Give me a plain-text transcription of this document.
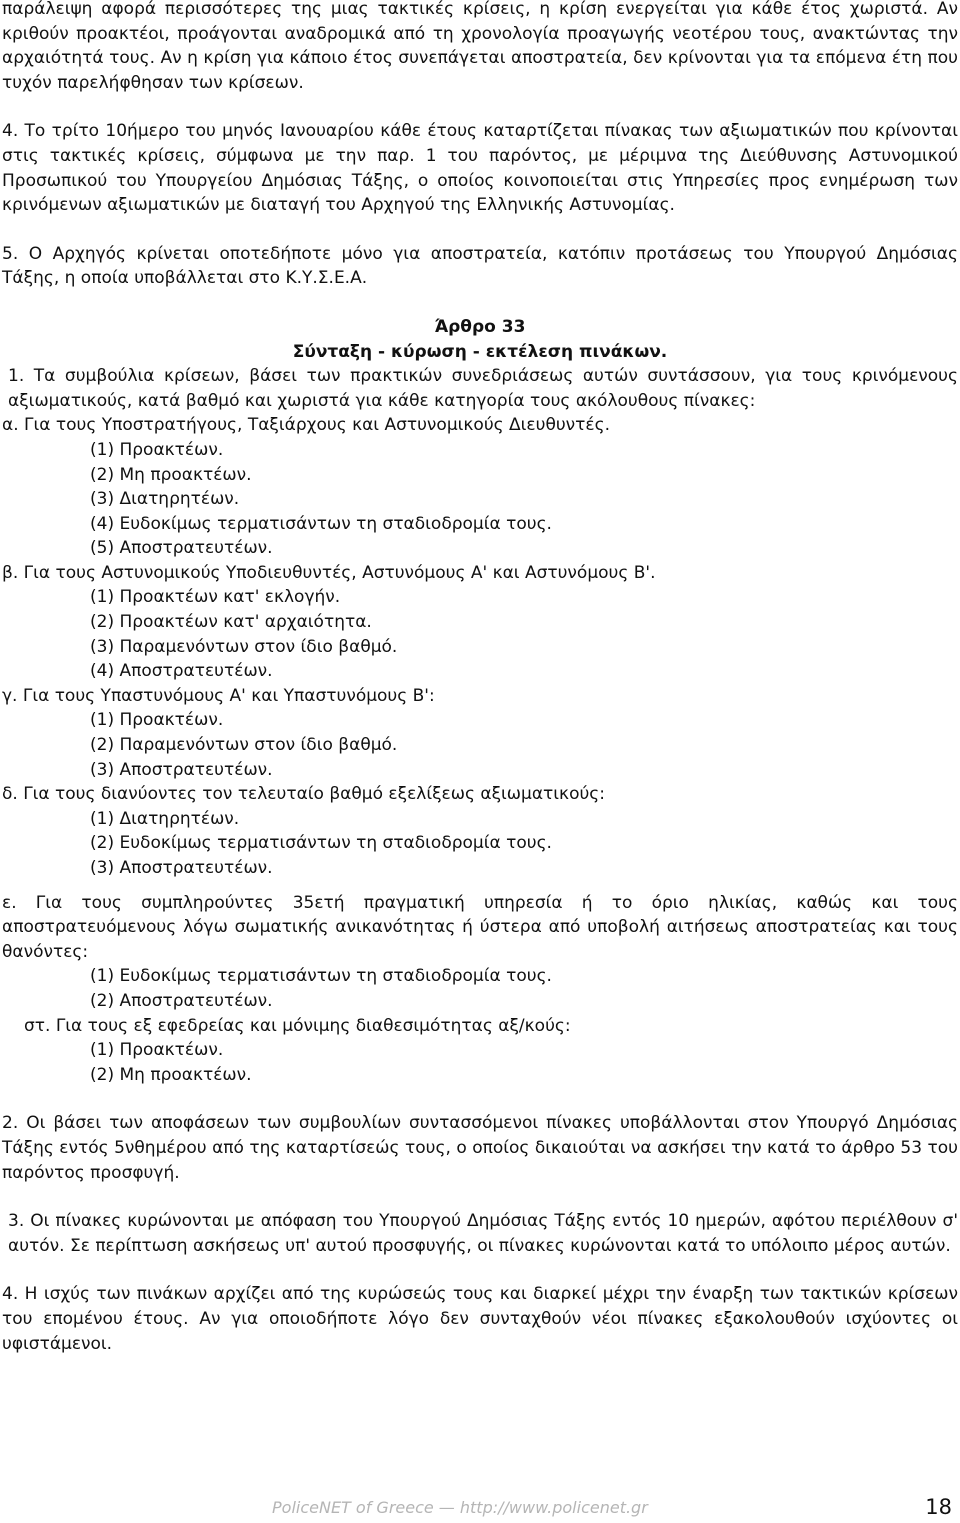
παράλειψη αφορά περισσότερες της μιας τακτικές κρίσεις, η κρίση ενεργείται για κάθε έτος χωριστά. Αν κριθούν προακτέοι, προάγονται αναδρομικά από τη χρονολογία προαγωγής νεοτέρου τους, ανακτώντας την αρχαιότητά τους. Αν η κρίση για κάποιο έτος συνεπάγεται αποστρατεία, δεν κρίνονται για τα επόμενα έτη που τυχόν παρελήφθησαν των κρίσεων.

4. Το τρίτο 10ήμερο του μηνός Ιανουαρίου κάθε έτους καταρτίζεται πίνακας των αξιωματικών που κρίνονται στις τακτικές κρίσεις, σύμφωνα με την παρ. 1 του παρόντος, με μέριμνα της Διεύθυνσης Αστυνομικού Προσωπικού του Υπουργείου Δημόσιας Τάξης, ο οποίος κοινοποιείται στις Υπηρεσίες προς ενημέρωση των κρινόμενων αξιωματικών με διαταγή του Αρχηγού της Ελληνικής Αστυνομίας.

5. Ο Αρχηγός κρίνεται οποτεδήποτε μόνο για αποστρατεία, κατόπιν προτάσεως του Υπουργού Δημόσιας Τάξης, η οποία υποβάλλεται στο Κ.Υ.Σ.Ε.Α.

Άρθρο 33

Σύνταξη - κύρωση - εκτέλεση πινάκων.

1. Τα συμβούλια κρίσεων, βάσει των πρακτικών συνεδριάσεως αυτών συντάσσουν, για τους κρινόμενους αξιωματικούς, κατά βαθμό και χωριστά για κάθε κατηγορία τους ακόλουθους πίνακες:

α. Για τους Υποστρατήγους, Ταξιάρχους και Αστυνομικούς Διευθυντές.

(1) Προακτέων.

(2) Μη προακτέων.

(3) Διατηρητέων.

(4) Ευδοκίμως τερματισάντων τη σταδιοδρομία τους.

(5) Αποστρατευτέων.

β. Για τους Αστυνομικούς Υποδιευθυντές, Αστυνόμους Α' και Αστυνόμους Β'.

(1) Προακτέων κατ' εκλογήν.

(2) Προακτέων κατ' αρχαιότητα.

(3) Παραμενόντων στον ίδιο βαθμό.

(4) Αποστρατευτέων.

γ. Για τους Υπαστυνόμους Α' και Υπαστυνόμους Β':

(1) Προακτέων.

(2) Παραμενόντων στον ίδιο βαθμό.

(3) Αποστρατευτέων.

δ. Για τους διανύοντες τον τελευταίο βαθμό εξελίξεως αξιωματικούς:

(1) Διατηρητέων.

(2) Ευδοκίμως τερματισάντων τη σταδιοδρομία τους.

(3) Αποστρατευτέων.

ε. Για τους συμπληρούντες 35ετή πραγματική υπηρεσία ή το όριο ηλικίας, καθώς και τους αποστρατευόμενους λόγω σωματικής ανικανότητας ή ύστερα από υποβολή αιτήσεως αποστρατείας και τους θανόντες:

(1) Ευδοκίμως τερματισάντων τη σταδιοδρομία τους.

(2) Αποστρατευτέων.

στ. Για τους εξ εφεδρείας και μόνιμης διαθεσιμότητας αξ/κούς:

(1) Προακτέων.

(2) Μη προακτέων.

2. Οι βάσει των αποφάσεων των συμβουλίων συντασσόμενοι πίνακες υποβάλλονται στον Υπουργό Δημόσιας Τάξης εντός 5νθημέρου από της καταρτίσεώς τους, ο οποίος δικαιούται να ασκήσει την κατά το άρθρο 53 του παρόντος προσφυγή.

3. Οι πίνακες κυρώνονται με απόφαση του Υπουργού Δημόσιας Τάξης εντός 10 ημερών, αφότου περιέλθουν σ' αυτόν. Σε περίπτωση ασκήσεως υπ' αυτού προσφυγής, οι πίνακες κυρώνονται κατά το υπόλοιπο μέρος αυτών.

4. Η ισχύς των πινάκων αρχίζει από της κυρώσεώς τους και διαρκεί μέχρι την έναρξη των τακτικών κρίσεων του επομένου έτους. Αν για οποιοδήποτε λόγο δεν συνταχθούν νέοι πίνακες εξακολουθούν ισχύοντες οι υφιστάμενοι.

PoliceNET of Greece — http://www.policenet.gr	18
